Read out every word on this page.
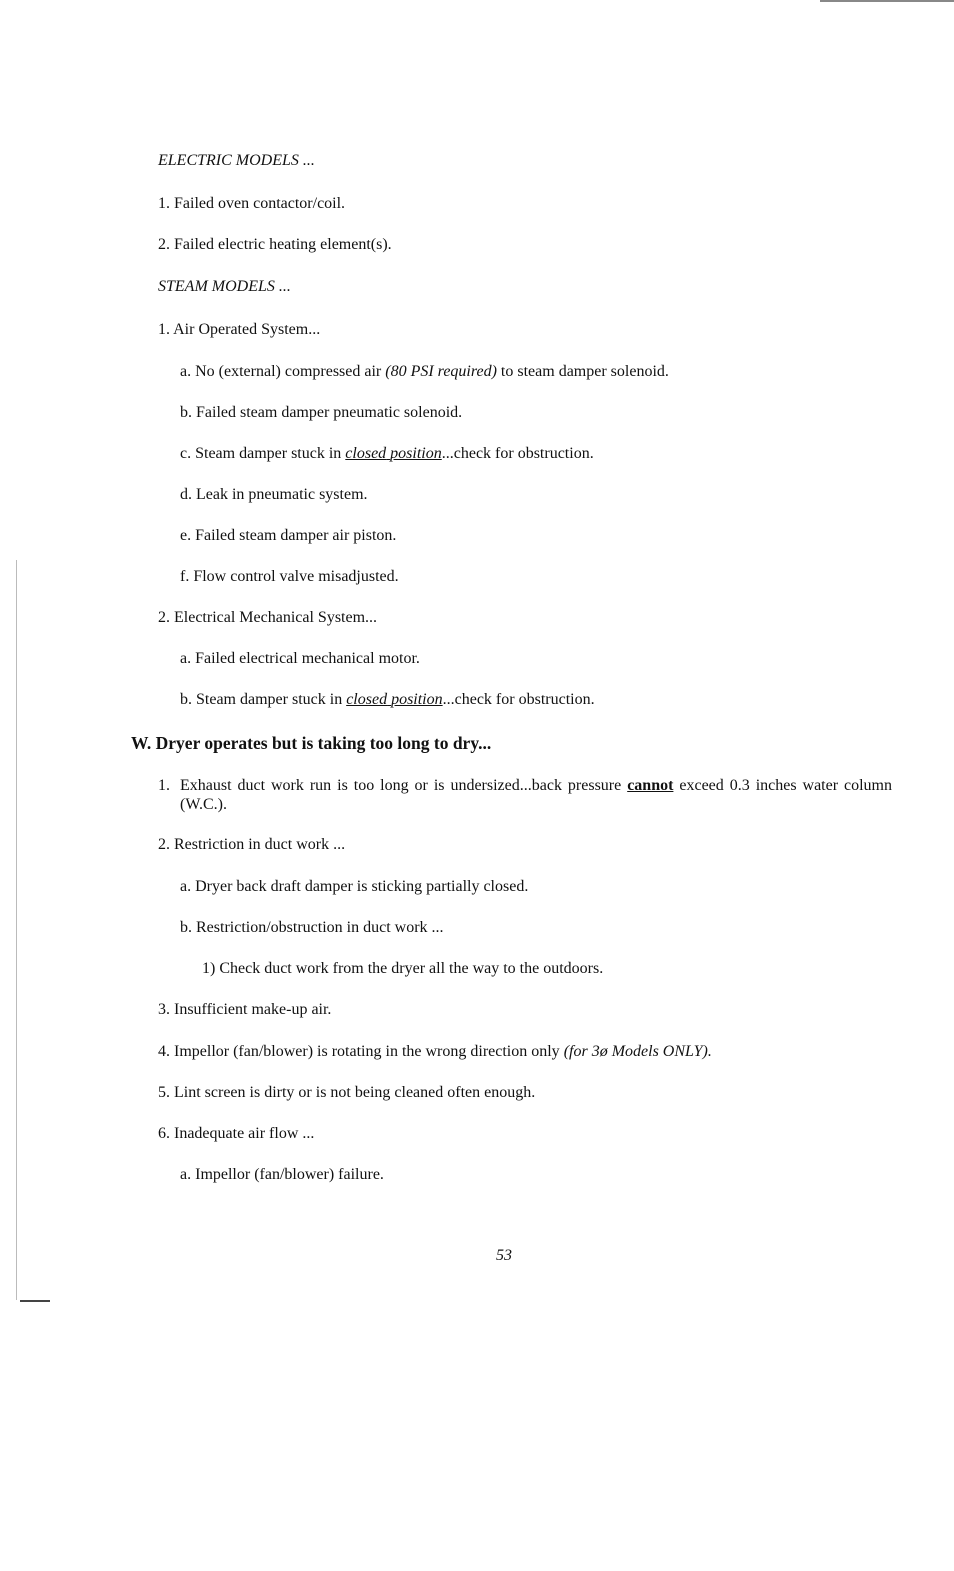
ELECTRIC MODELS ...
1. Failed oven contactor/coil.
2. Failed electric heating element(s).
STEAM MODELS ...
1. Air Operated System...
a. No (external) compressed air (80 PSI required) to steam damper solenoid.
b. Failed steam damper pneumatic solenoid.
c. Steam damper stuck in closed position...check for obstruction.
d. Leak in pneumatic system.
e. Failed steam damper air piston.
f. Flow control valve misadjusted.
2. Electrical Mechanical System...
a. Failed electrical mechanical motor.
b. Steam damper stuck in closed position...check for obstruction.
W. Dryer operates but is taking too long to dry...
1. Exhaust duct work run is too long or is undersized...back pressure cannot exceed 0.3 inches water column (W.C.).
2. Restriction in duct work ...
a. Dryer back draft damper is sticking partially closed.
b. Restriction/obstruction in duct work ...
1) Check duct work from the dryer all the way to the outdoors.
3. Insufficient make-up air.
4. Impellor (fan/blower) is rotating in the wrong direction only (for 3ø Models ONLY).
5. Lint screen is dirty or is not being cleaned often enough.
6. Inadequate air flow ...
a. Impellor (fan/blower) failure.
53
